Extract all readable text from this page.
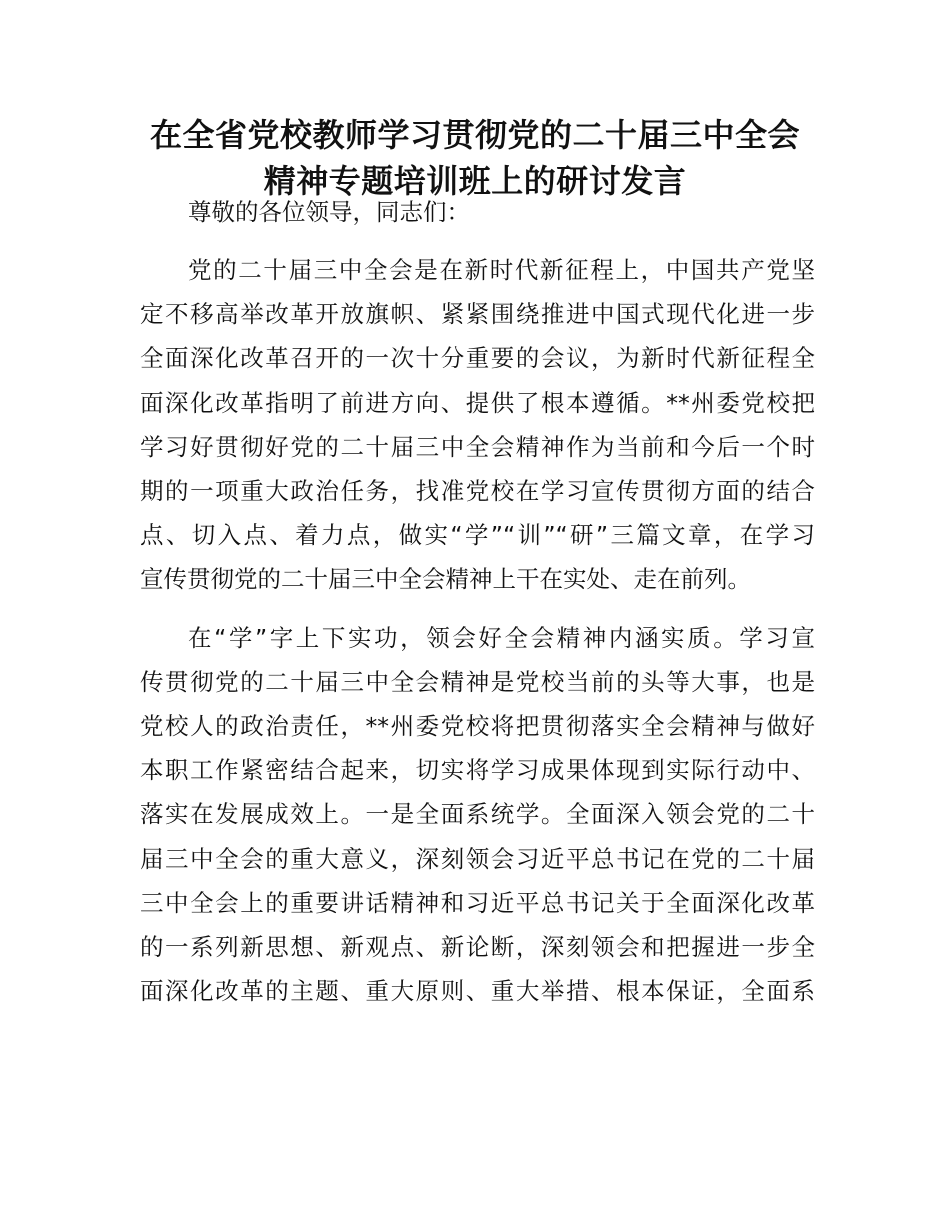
在全省党校教师学习贯彻党的二十届三中全会
精神专题培训班上的研讨发言

尊敬的各位领导，同志们：

党的二十届三中全会是在新时代新征程上，中国共产党坚
定不移高举改革开放旗帜、紧紧围绕推进中国式现代化进一步
全面深化改革召开的一次十分重要的会议，为新时代新征程全
面深化改革指明了前进方向、提供了根本遵循。**州委党校把
学习好贯彻好党的二十届三中全会精神作为当前和今后一个时
期的一项重大政治任务，找准党校在学习宣传贯彻方面的结合
点、切入点、着力点，做实“学”“训”“研”三篇文章，在学习
宣传贯彻党的二十届三中全会精神上干在实处、走在前列。
在“学”字上下实功，领会好全会精神内涵实质。学习宣
传贯彻党的二十届三中全会精神是党校当前的头等大事，也是
党校人的政治责任，**州委党校将把贯彻落实全会精神与做好
本职工作紧密结合起来，切实将学习成果体现到实际行动中、
落实在发展成效上。一是全面系统学。全面深入领会党的二十
届三中全会的重大意义，深刻领会习近平总书记在党的二十届
三中全会上的重要讲话精神和习近平总书记关于全面深化改革
的一系列新思想、新观点、新论断，深刻领会和把握进一步全
面深化改革的主题、重大原则、重大举措、根本保证，全面系
